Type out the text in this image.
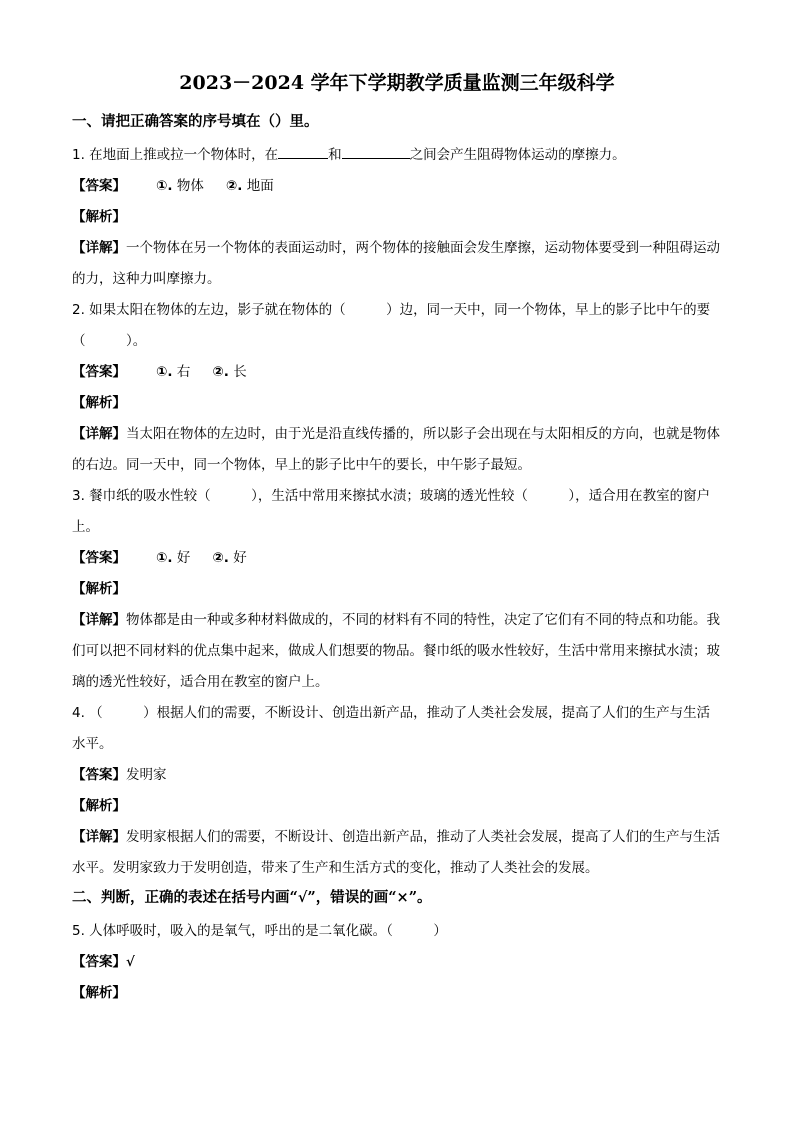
2023－2024 学年下学期教学质量监测三年级科学
一、请把正确答案的序号填在（）里。

1. 在地面上推或拉一个物体时，在	和	之间会产生阻碍物体运动的摩擦力。

【答案】 ①. 物体 ②. 地面

【解析】

【详解】一个物体在另一个物体的表面运动时，两个物体的接触面会发生摩擦，运动物体要受到一种阻碍运动的力，这种力叫摩擦力。

2. 如果太阳在物体的左边，影子就在物体的（　　　）边，同一天中，同一个物体，早上的影子比中午的要（　　　）。

【答案】 ①. 右 ②. 长

【解析】

【详解】当太阳在物体的左边时，由于光是沿直线传播的，所以影子会出现在与太阳相反的方向，也就是物体的右边。同一天中，同一个物体，早上的影子比中午的要长，中午影子最短。

3. 餐巾纸的吸水性较（　　　），生活中常用来擦拭水渍；玻璃的透光性较（　　　），适合用在教室的窗户上。

【答案】 ①. 好 ②. 好

【解析】

【详解】物体都是由一种或多种材料做成的，不同的材料有不同的特性，决定了它们有不同的特点和功能。我们可以把不同材料的优点集中起来，做成人们想要的物品。餐巾纸的吸水性较好，生活中常用来擦拭水渍；玻璃的透光性较好，适合用在教室的窗户上。

4. （　　　）根据人们的需要，不断设计、创造出新产品，推动了人类社会发展，提高了人们的生产与生活水平。

【答案】发明家

【解析】

【详解】发明家根据人们的需要，不断设计、创造出新产品，推动了人类社会发展，提高了人们的生产与生活水平。发明家致力于发明创造，带来了生产和生活方式的变化，推动了人类社会的发展。

二、判断，正确的表述在括号内画“√”，错误的画“×”。

5. 人体呼吸时，吸入的是氧气，呼出的是二氧化碳。（　　　）

【答案】√

【解析】
